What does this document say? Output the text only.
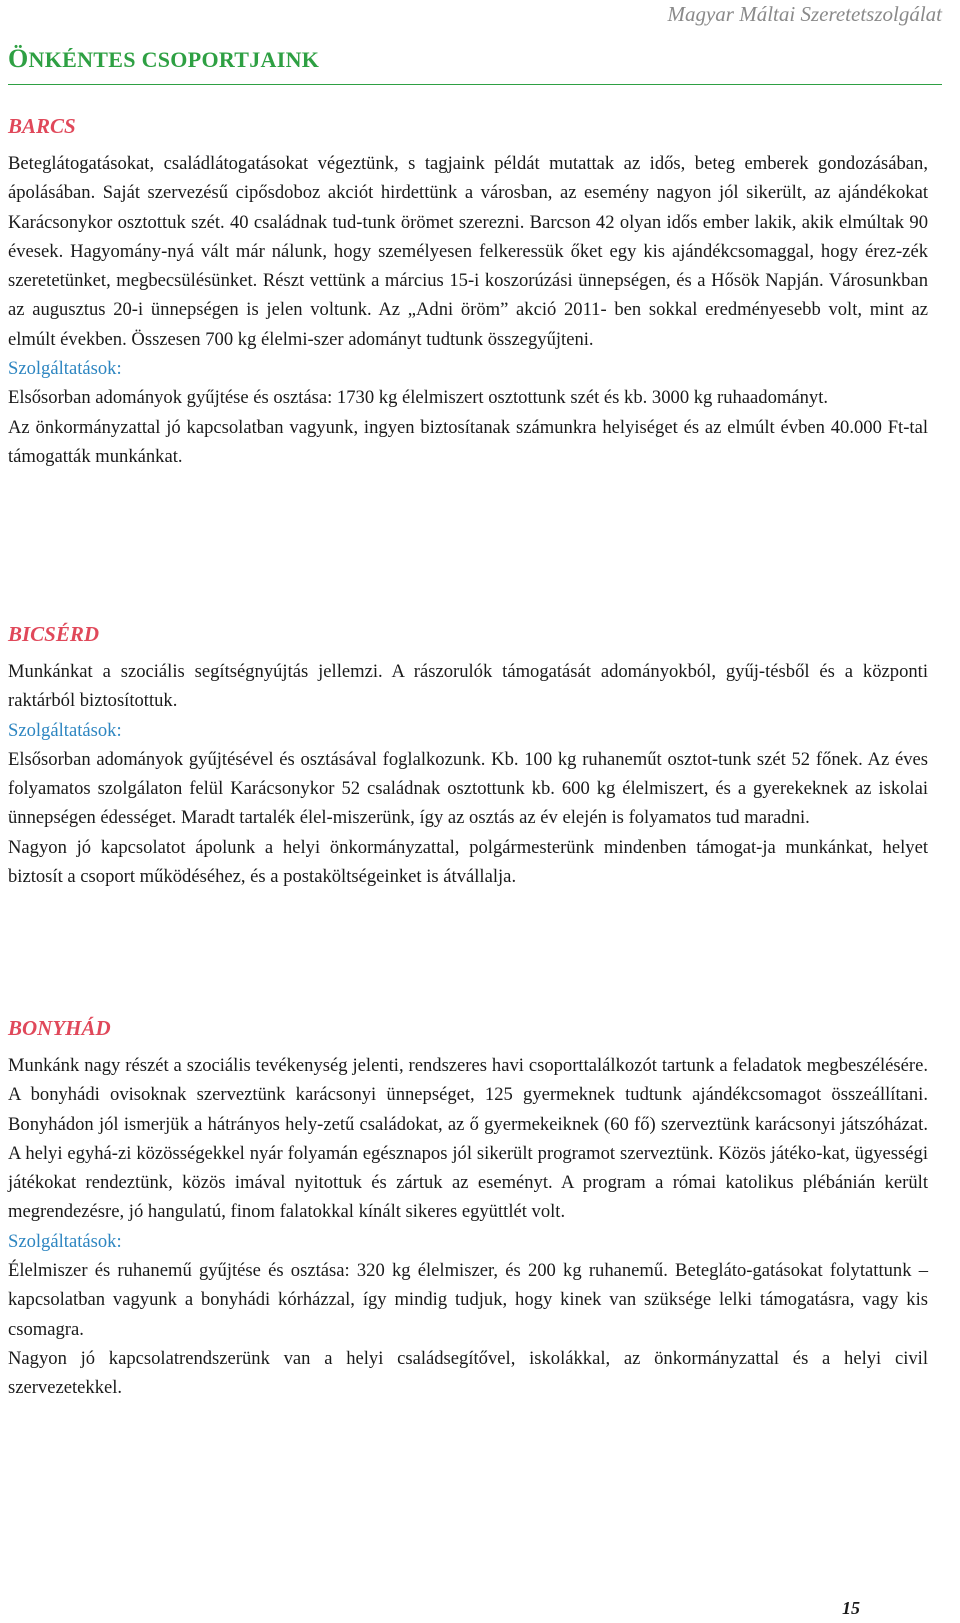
Magyar Máltai Szeretetszolgálat
ÖNKÉNTES CSOPORTJAINK
BARCS

Beteglátogatásokat, családlátogatásokat végeztünk, s tagjaink példát mutattak az idős, beteg emberek gondozásában, ápolásában. Saját szervezésű cipősdoboz akciót hirdettünk a városban, az esemény nagyon jól sikerült, az ajándékokat Karácsonykor osztottuk szét. 40 családnak tud-tunk örömet szerezni. Barcson 42 olyan idős ember lakik, akik elmúltak 90 évesek. Hagyomány-nyá vált már nálunk, hogy személyesen felkeressük őket egy kis ajándékcsomaggal, hogy érez-zék szeretetünket, megbecsülésünket. Részt vettünk a március 15-i koszorúzási ünnepségen, és a Hősök Napján. Városunkban az augusztus 20-i ünnepségen is jelen voltunk. Az „Adni öröm” akció 2011- ben sokkal eredményesebb volt, mint az elmúlt években. Összesen 700 kg élelmi-szer adományt tudtunk összegyűjteni.

Szolgáltatások:

Elsősorban adományok gyűjtése és osztása: 1730 kg élelmiszert osztottunk szét és kb. 3000 kg ruhaadományt.

Az önkormányzattal jó kapcsolatban vagyunk, ingyen biztosítanak számunkra helyiséget és az elmúlt évben 40.000 Ft-tal támogatták munkánkat.

BICSÉRD

Munkánkat a szociális segítségnyújtás jellemzi. A rászorulók támogatását adományokból, gyűj-tésből és a központi raktárból biztosítottuk.

Szolgáltatások:

Elsősorban adományok gyűjtésével és osztásával foglalkozunk. Kb. 100 kg ruhaneműt osztot-tunk szét 52 főnek. Az éves folyamatos szolgálaton felül Karácsonykor 52 családnak osztottunk kb. 600 kg élelmiszert, és a gyerekeknek az iskolai ünnepségen édességet. Maradt tartalék élel-miszerünk, így az osztás az év elején is folyamatos tud maradni.

Nagyon jó kapcsolatot ápolunk a helyi önkormányzattal, polgármesterünk mindenben támogat-ja munkánkat, helyet biztosít a csoport működéséhez, és a postaköltségeinket is átvállalja.

BONYHÁD

Munkánk nagy részét a szociális tevékenység jelenti, rendszeres havi csoporttalálkozót tartunk a feladatok megbeszélésére. A bonyhádi ovisoknak szerveztünk karácsonyi ünnepséget, 125 gyermeknek tudtunk ajándékcsomagot összeállítani. Bonyhádon jól ismerjük a hátrányos hely-zetű családokat, az ő gyermekeiknek (60 fő) szerveztünk karácsonyi játszóházat. A helyi egyhá-zi közösségekkel nyár folyamán egésznapos jól sikerült programot szerveztünk. Közös játéko-kat, ügyességi játékokat rendeztünk, közös imával nyitottuk és zártuk az eseményt. A program a római katolikus plébánián került megrendezésre, jó hangulatú, finom falatokkal kínált sikeres együttlét volt.

Szolgáltatások:

Élelmiszer és ruhanemű gyűjtése és osztása: 320 kg élelmiszer, és 200 kg ruhanemű. Beteglátо-gatásokat folytattunk – kapcsolatban vagyunk a bonyhádi kórházzal, így mindig tudjuk, hogy kinek van szüksége lelki támogatásra, vagy kis csomagra.

Nagyon jó kapcsolatrendszerünk van a helyi családsegítővel, iskolákkal, az önkormányzattal és a helyi civil szervezetekkel.

15
